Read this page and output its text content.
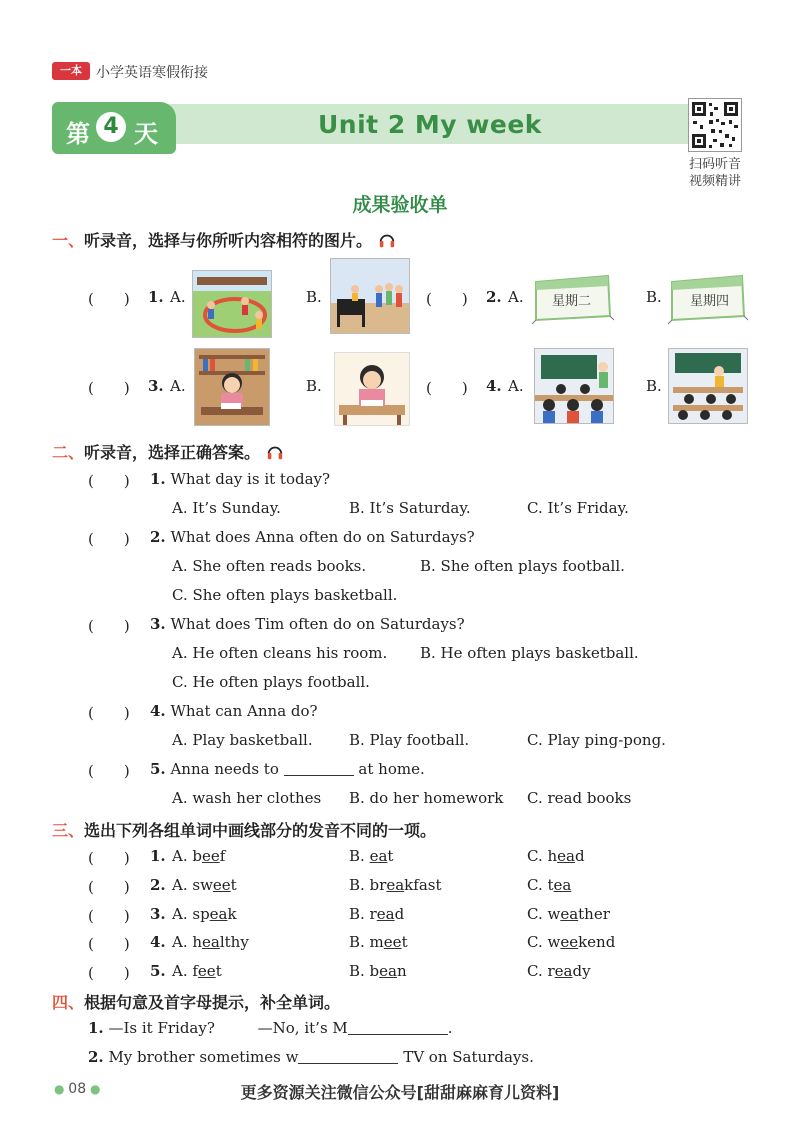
一本	小学英语寒假衔接
第 4 天	Unit 2 My week
扫码听音
视频精讲
成果验收单
一、听录音，选择与你所听内容相符的图片。
(　　) 1. A.	B.	(　　) 2. A. 星期二	B. 星期四
(　　) 3. A.	B.	(　　) 4. A.	B.
二、听录音，选择正确答案。
(　　) 1. What day is it today?
A. It’s Sunday.	B. It’s Saturday.	C. It’s Friday.
(　　) 2. What does Anna often do on Saturdays?
A. She often reads books.	B. She often plays football.
C. She often plays basketball.
(　　) 3. What does Tim often do on Saturdays?
A. He often cleans his room. B. He often plays basketball.
C. He often plays football.
(　　) 4. What can Anna do?
A. Play basketball. B. Play football.	C. Play ping-pong.
(　　) 5. Anna needs to	at home.
A. wash her clothes B. do her homework C. read books
三、选出下列各组单词中画线部分的发音不同的一项。
(　　) 1. A. beef	B. eat	C. head
(　　) 2. A. sweet	B. breakfast	C. tea
(　　) 3. A. speak	B. read	C. weather
(　　) 4. A. healthy	B. meet	C. weekend
(　　) 5. A. feet	B. bean	C. ready
四、根据句意及首字母提示，补全单词。
1. —Is it Friday?	—No, it’s M	.
2. My brother sometimes w	TV on Saturdays.
● 08 ●	更多资源关注微信公众号[甜甜麻麻育儿资料]
